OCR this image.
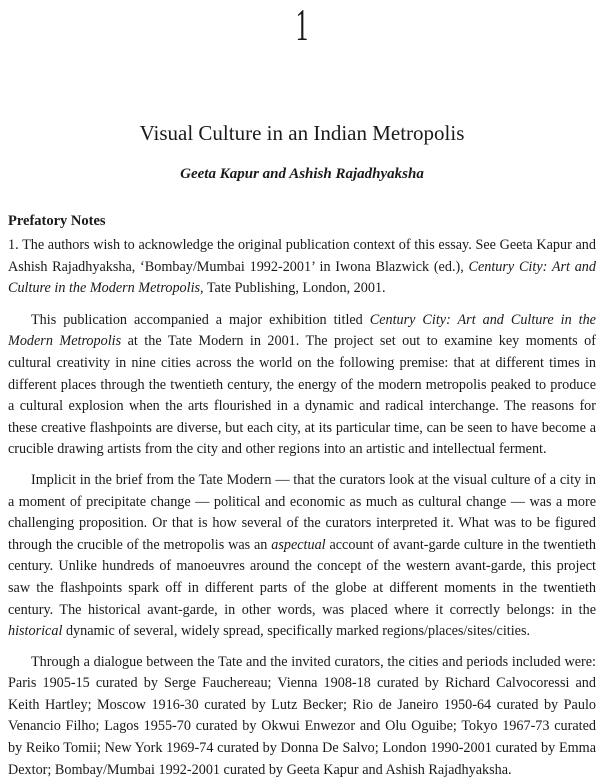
1
Visual Culture in an Indian Metropolis
Geeta Kapur and Ashish Rajadhyaksha
Prefatory Notes

1. The authors wish to acknowledge the original publication context of this essay. See Geeta Kapur and Ashish Rajadhyaksha, ‘Bombay/Mumbai 1992-2001’ in Iwona Blazwick (ed.), Century City: Art and Culture in the Modern Metropolis, Tate Publishing, London, 2001.

This publication accompanied a major exhibition titled Century City: Art and Culture in the Modern Metropolis at the Tate Modern in 2001. The project set out to examine key moments of cultural creativity in nine cities across the world on the following premise: that at different times in different places through the twentieth century, the energy of the modern metropolis peaked to produce a cultural explosion when the arts flourished in a dynamic and radical interchange. The reasons for these creative flashpoints are diverse, but each city, at its particular time, can be seen to have become a crucible drawing artists from the city and other regions into an artistic and intellectual ferment.

Implicit in the brief from the Tate Modern — that the curators look at the visual culture of a city in a moment of precipitate change — political and economic as much as cultural change — was a more challenging proposition. Or that is how several of the curators interpreted it. What was to be figured through the crucible of the metropolis was an aspectual account of avant-garde culture in the twentieth century. Unlike hundreds of manoeuvres around the concept of the western avant-garde, this project saw the flashpoints spark off in different parts of the globe at different moments in the twentieth century. The historical avant-garde, in other words, was placed where it correctly belongs: in the historical dynamic of several, widely spread, specifically marked regions/places/sites/cities.

Through a dialogue between the Tate and the invited curators, the cities and periods included were: Paris 1905-15 curated by Serge Fauchereau; Vienna 1908-18 curated by Richard Calvocoressi and Keith Hartley; Moscow 1916-30 curated by Lutz Becker; Rio de Janeiro 1950-64 curated by Paulo Venancio Filho; Lagos 1955-70 curated by Okwui Enwezor and Olu Oguibe; Tokyo 1967-73 curated by Reiko Tomii; New York 1969-74 curated by Donna De Salvo; London 1990-2001 curated by Emma Dextor; Bombay/Mumbai 1992-2001 curated by Geeta Kapur and Ashish Rajadhyaksha.
